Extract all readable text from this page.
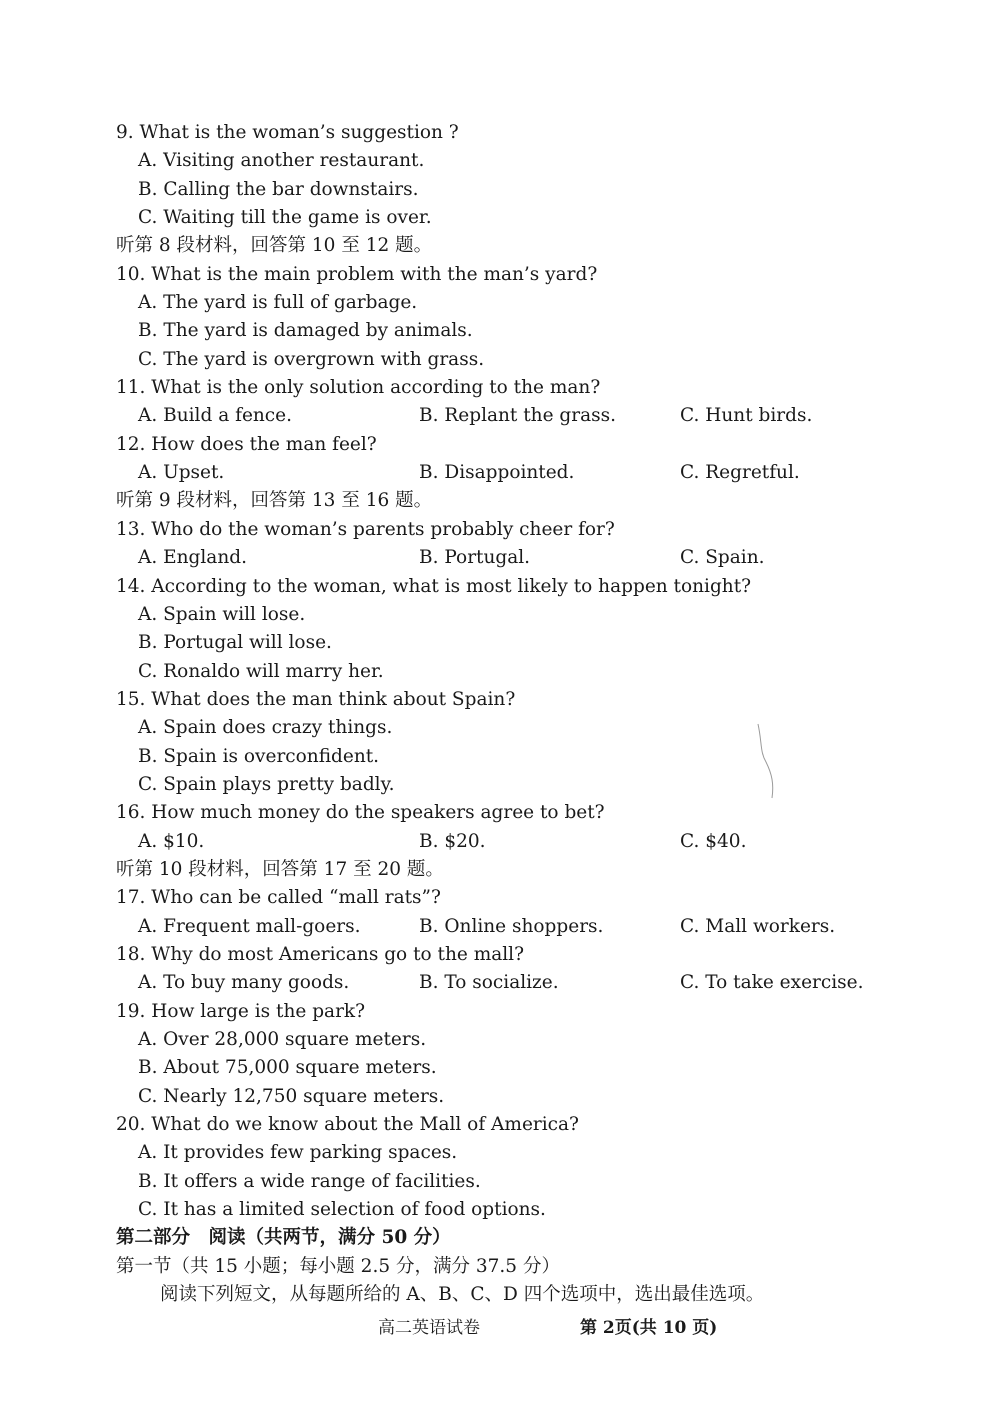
9. What is the woman’s suggestion ?
A. Visiting another restaurant.
B. Calling the bar downstairs.
C. Waiting till the game is over.
听第 8 段材料，回答第 10 至 12 题。
10. What is the main problem with the man’s yard?
A. The yard is full of garbage.
B. The yard is damaged by animals.
C. The yard is overgrown with grass.
11. What is the only solution according to the man?
A. Build a fence.	B. Replant the grass.	C. Hunt birds.
12. How does the man feel?
A. Upset.	B. Disappointed.	C. Regretful.
听第 9 段材料，回答第 13 至 16 题。
13. Who do the woman’s parents probably cheer for?
A. England.	B. Portugal.	C. Spain.
14. According to the woman, what is most likely to happen tonight?
A. Spain will lose.
B. Portugal will lose.
C. Ronaldo will marry her.
15. What does the man think about Spain?
A. Spain does crazy things.
B. Spain is overconfident.
C. Spain plays pretty badly.
16. How much money do the speakers agree to bet?
A. $10.	B. $20.	C. $40.
听第 10 段材料，回答第 17 至 20 题。
17. Who can be called “mall rats”?
A. Frequent mall-goers.	B. Online shoppers.	C. Mall workers.
18. Why do most Americans go to the mall?
A. To buy many goods.	B. To socialize.	C. To take exercise.
19. How large is the park?
A. Over 28,000 square meters.
B. About 75,000 square meters.
C. Nearly 12,750 square meters.
20. What do we know about the Mall of America?
A. It provides few parking spaces.
B. It offers a wide range of facilities.
C. It has a limited selection of food options.
第二部分　阅读（共两节，满分 50 分）
第一节（共 15 小题；每小题 2.5 分，满分 37.5 分）
阅读下列短文，从每题所给的 A、B、C、D 四个选项中，选出最佳选项。
高二英语试卷	第 2页(共 10 页)
